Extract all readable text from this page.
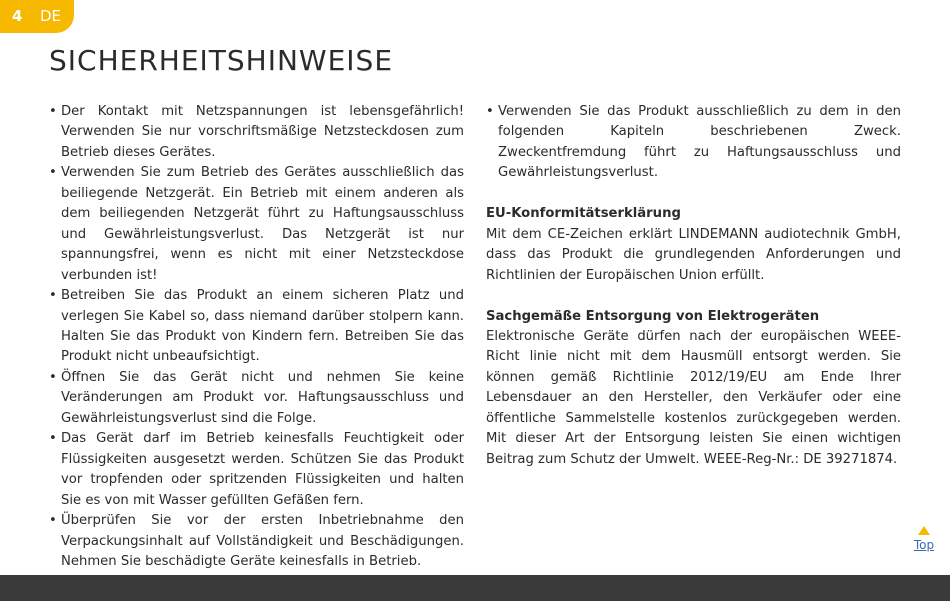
4 DE
SICHERHEITSHINWEISE
• Der Kontakt mit Netzspannungen ist lebensgefährlich! Verwenden Sie nur vorschriftsmäßige Netzsteckdosen zum Betrieb dieses Gerätes.
• Verwenden Sie zum Betrieb des Gerätes ausschließlich das beiliegende Netzgerät. Ein Betrieb mit einem anderen als dem beiliegenden Netzgerät führt zu Haftungsausschluss und Gewährleistungsverlust. Das Netzgerät ist nur spannungsfrei, wenn es nicht mit einer Netzsteckdose verbunden ist!
• Betreiben Sie das Produkt an einem sicheren Platz und verlegen Sie Kabel so, dass niemand darüber stolpern kann. Halten Sie das Produkt von Kindern fern. Betreiben Sie das Produkt nicht unbeaufsichtigt.
• Öffnen Sie das Gerät nicht und nehmen Sie keine Veränderungen am Produkt vor. Haftungsausschluss und Gewährleistungsverlust sind die Folge.
• Das Gerät darf im Betrieb keinesfalls Feuchtigkeit oder Flüssigkeiten ausgesetzt werden. Schützen Sie das Produkt vor tropfenden oder spritzenden Flüssigkeiten und halten Sie es von mit Wasser gefüllten Gefäßen fern.
• Überprüfen Sie vor der ersten Inbetriebnahme den Verpackungsinhalt auf Vollständigkeit und Beschädigungen. Nehmen Sie beschädigte Geräte keinesfalls in Betrieb.
• Verwenden Sie das Produkt ausschließlich zu dem in den folgenden Kapiteln beschriebenen Zweck. Zweckentfremdung führt zu Haftungsausschluss und Gewährleistungsverlust.

EU-Konformitätserklärung

Mit dem CE-Zeichen erklärt LINDEMANN audiotechnik GmbH, dass das Produkt die grundlegenden Anforderungen und Richtlinien der Europäischen Union erfüllt.

Sachgemäße Entsorgung von Elektrogeräten

Elektronische Geräte dürfen nach der europäischen WEEE-Richt linie nicht mit dem Hausmüll entsorgt werden. Sie können gemäß Richtlinie 2012/19/EU am Ende Ihrer Lebensdauer an den Hersteller, den Verkäufer oder eine öffentliche Sammelstelle kostenlos zurückgegeben werden. Mit dieser Art der Entsorgung leisten Sie einen wichtigen Beitrag zum Schutz der Umwelt. WEEE-Reg-Nr.: DE 39271874.

Top
